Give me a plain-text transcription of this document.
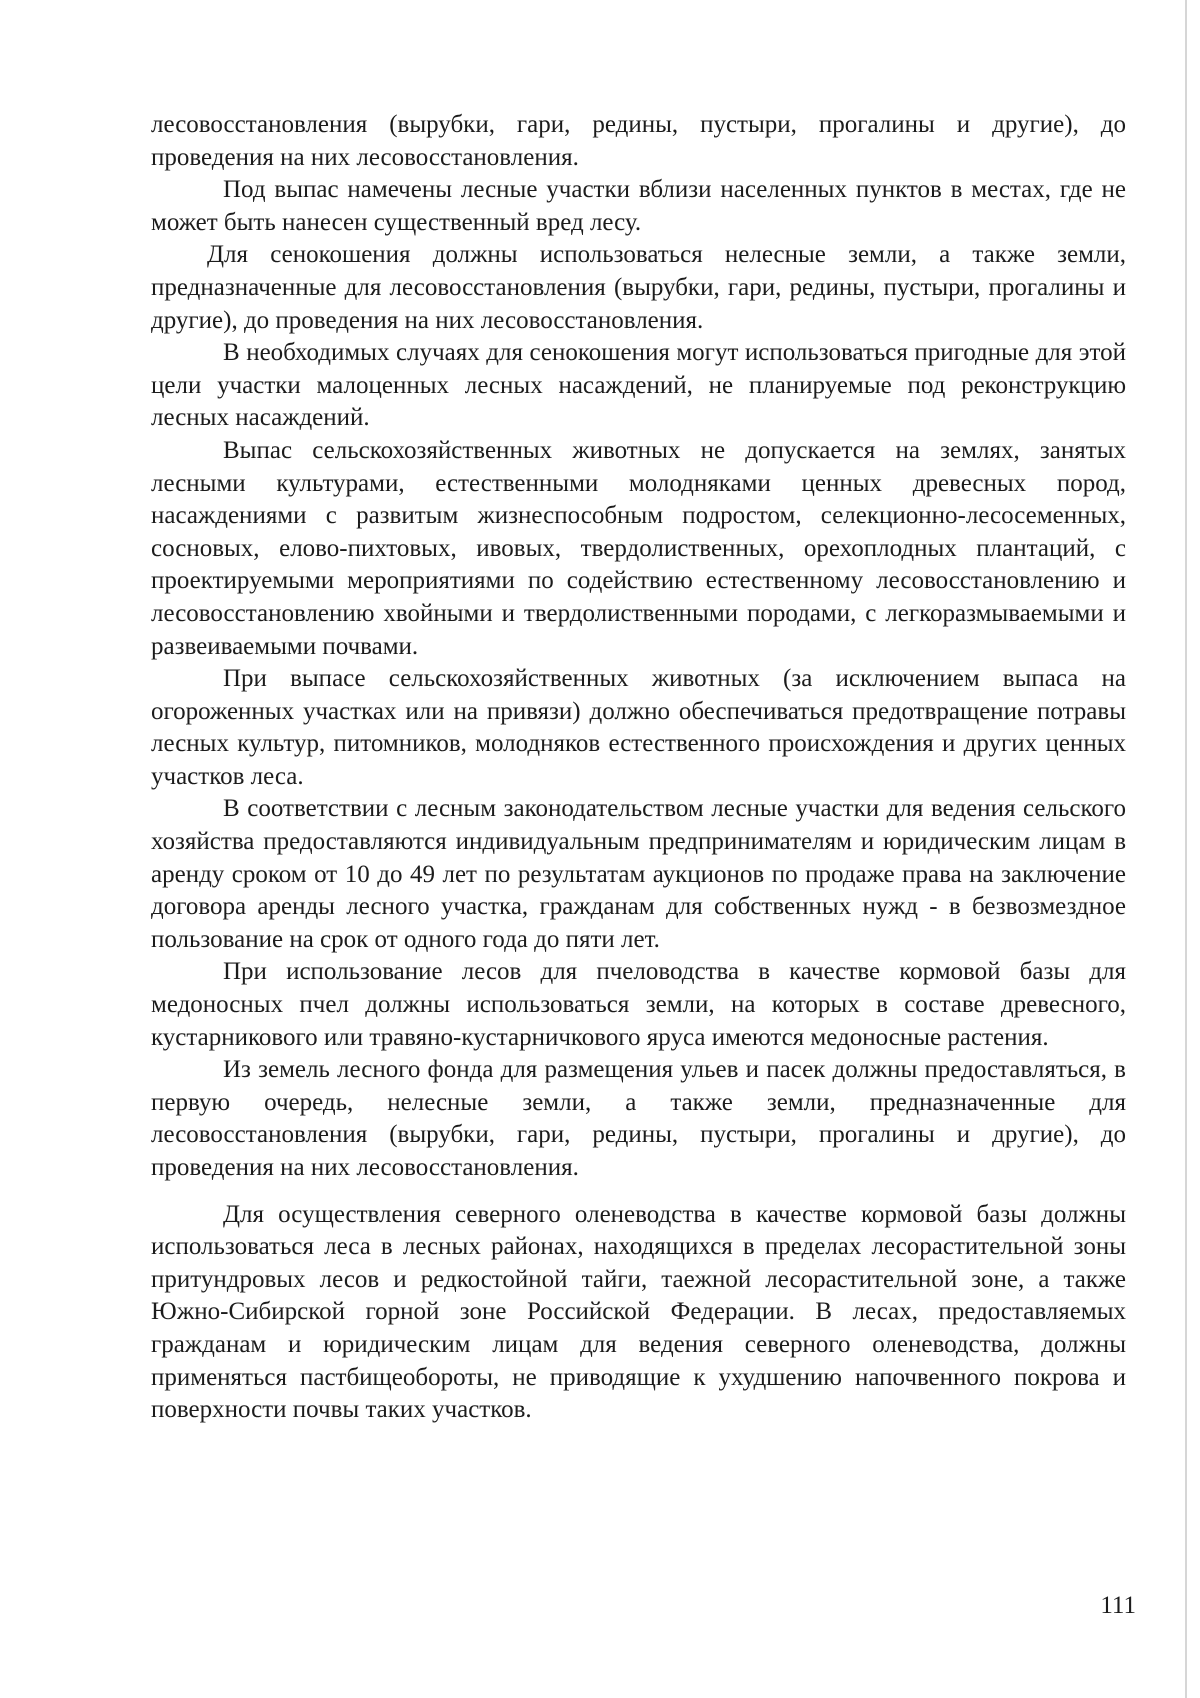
лесовосстановления (вырубки, гари, редины, пустыри, прогалины и другие), до проведения на них лесовосстановления.

Под выпас намечены лесные участки вблизи населенных пунктов в местах, где не может быть нанесен существенный вред лесу.

Для сенокошения должны использоваться нелесные земли, а также земли, предназначенные для лесовосстановления (вырубки, гари, редины, пустыри, прогалины и другие), до проведения на них лесовосстановления.

В необходимых случаях для сенокошения могут использоваться пригодные для этой цели участки малоценных лесных насаждений, не планируемые под реконструкцию лесных насаждений.

Выпас сельскохозяйственных животных не допускается на землях, занятых лесными культурами, естественными молодняками ценных древесных пород, насаждениями с развитым жизнеспособным подростом, селекционно-лесосеменных, сосновых, елово-пихтовых, ивовых, твердолиственных, орехоплодных плантаций, с проектируемыми мероприятиями по содействию естественному лесовосстановлению и лесовосстановлению хвойными и твердолиственными породами, с легкоразмываемыми и развеиваемыми почвами.

При выпасе сельскохозяйственных животных (за исключением выпаса на огороженных участках или на привязи) должно обеспечиваться предотвращение потравы лесных культур, питомников, молодняков естественного происхождения и других ценных участков леса.

В соответствии с лесным законодательством лесные участки для ведения сельского хозяйства предоставляются индивидуальным предпринимателям и юридическим лицам в аренду сроком от 10 до 49 лет по результатам аукционов по продаже права на заключение договора аренды лесного участка, гражданам для собственных нужд - в безвозмездное пользование на срок от одного года до пяти лет.

При использование лесов для пчеловодства в качестве кормовой базы для медоносных пчел должны использоваться земли, на которых в составе древесного, кустарникового или травяно-кустарничкового яруса имеются медоносные растения.

Из земель лесного фонда для размещения ульев и пасек должны предоставляться, в первую очередь, нелесные земли, а также земли, предназначенные для лесовосстановления (вырубки, гари, редины, пустыри, прогалины и другие), до проведения на них лесовосстановления.

Для осуществления северного оленеводства в качестве кормовой базы должны использоваться леса в лесных районах, находящихся в пределах лесорастительной зоны притундровых лесов и редкостойной тайги, таежной лесорастительной зоне, а также Южно-Сибирской горной зоне Российской Федерации. В лесах, предоставляемых гражданам и юридическим лицам для ведения северного оленеводства, должны применяться пастбищеобороты, не приводящие к ухудшению напочвенного покрова и поверхности почвы таких участков.

111
